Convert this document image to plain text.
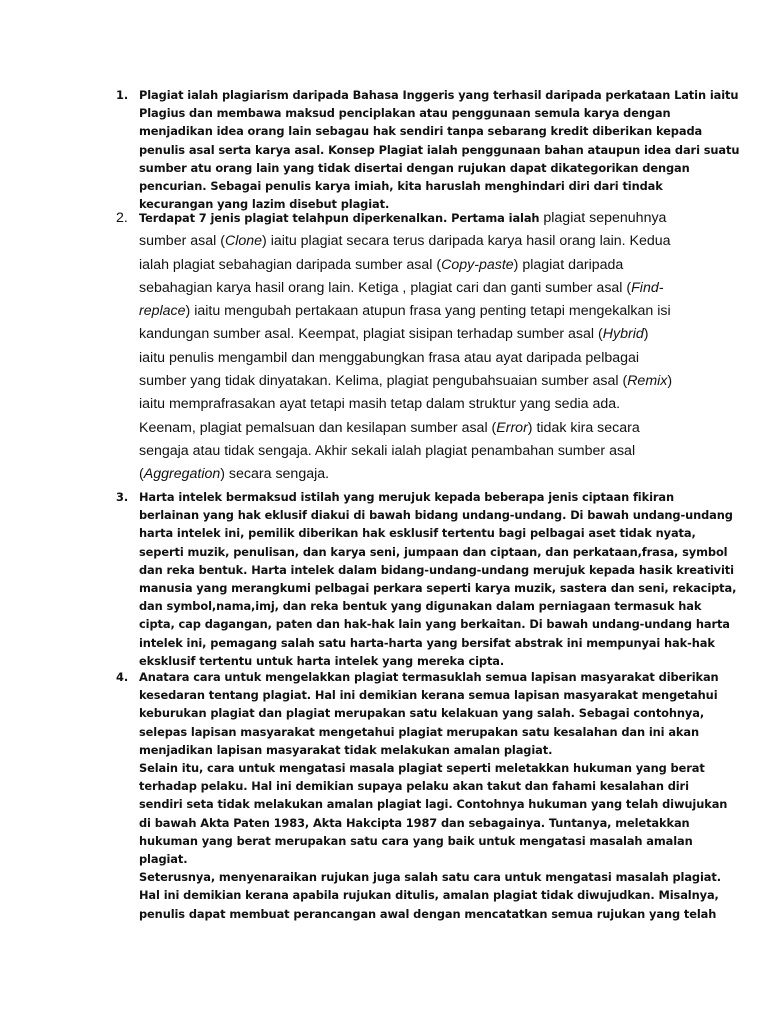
1. Plagiat ialah plagiarism daripada Bahasa Inggeris yang terhasil daripada perkataan Latin iaitu
Plagius dan membawa maksud penciplakan atau penggunaan semula karya dengan
menjadikan idea orang lain sebagau hak sendiri tanpa sebarang kredit diberikan kepada
penulis asal serta karya asal. Konsep Plagiat ialah penggunaan bahan ataupun idea dari suatu
sumber atu orang lain yang tidak disertai dengan rujukan dapat dikategorikan dengan
pencurian. Sebagai penulis karya imiah, kita haruslah menghindari diri dari tindak
kecurangan yang lazim disebut plagiat.
2. Terdapat 7 jenis plagiat telahpun diperkenalkan. Pertama ialah plagiat sepenuhnya
sumber asal (Clone) iaitu plagiat secara terus daripada karya hasil orang lain. Kedua
ialah plagiat sebahagian daripada sumber asal (Copy-paste) plagiat daripada
sebahagian karya hasil orang lain. Ketiga , plagiat cari dan ganti sumber asal (Find-
replace) iaitu mengubah pertakaan atupun frasa yang penting tetapi mengekalkan isi
kandungan sumber asal. Keempat, plagiat sisipan terhadap sumber asal (Hybrid)
iaitu penulis mengambil dan menggabungkan frasa atau ayat daripada pelbagai
sumber yang tidak dinyatakan. Kelima, plagiat pengubahsuaian sumber asal (Remix)
iaitu memprafrasakan ayat tetapi masih tetap dalam struktur yang sedia ada.
Keenam, plagiat pemalsuan dan kesilapan sumber asal (Error) tidak kira secara
sengaja atau tidak sengaja. Akhir sekali ialah plagiat penambahan sumber asal
(Aggregation) secara sengaja.
3. Harta intelek bermaksud istilah yang merujuk kepada beberapa jenis ciptaan fikiran
berlainan yang hak eklusif diakui di bawah bidang undang-undang. Di bawah undang-undang
harta intelek ini, pemilik diberikan hak esklusif tertentu bagi pelbagai aset tidak nyata,
seperti muzik, penulisan, dan karya seni, jumpaan dan ciptaan, dan perkataan,frasa, symbol
dan reka bentuk. Harta intelek dalam bidang-undang-undang merujuk kepada hasik kreativiti
manusia yang merangkumi pelbagai perkara seperti karya muzik, sastera dan seni, rekacipta,
dan symbol,nama,imj, dan reka bentuk yang digunakan dalam perniagaan termasuk hak
cipta, cap dagangan, paten dan hak-hak lain yang berkaitan. Di bawah undang-undang harta
intelek ini, pemagang salah satu harta-harta yang bersifat abstrak ini mempunyai hak-hak
eksklusif tertentu untuk harta intelek yang mereka cipta.
4. Anatara cara untuk mengelakkan plagiat termasuklah semua lapisan masyarakat diberikan
kesedaran tentang plagiat. Hal ini demikian kerana semua lapisan masyarakat mengetahui
keburukan plagiat dan plagiat merupakan satu kelakuan yang salah. Sebagai contohnya,
selepas lapisan masyarakat mengetahui plagiat merupakan satu kesalahan dan ini akan
menjadikan lapisan masyarakat tidak melakukan amalan plagiat.
Selain itu, cara untuk mengatasi masala plagiat seperti meletakkan hukuman yang berat
terhadap pelaku. Hal ini demikian supaya pelaku akan takut dan fahami kesalahan diri
sendiri seta tidak melakukan amalan plagiat lagi. Contohnya hukuman yang telah diwujukan
di bawah Akta Paten 1983, Akta Hakcipta 1987 dan sebagainya. Tuntanya, meletakkan
hukuman yang berat merupakan satu cara yang baik untuk mengatasi masalah amalan
plagiat.
Seterusnya, menyenaraikan rujukan juga salah satu cara untuk mengatasi masalah plagiat.
Hal ini demikian kerana apabila rujukan ditulis, amalan plagiat tidak diwujudkan. Misalnya,
penulis dapat membuat perancangan awal dengan mencatatkan semua rujukan yang telah
